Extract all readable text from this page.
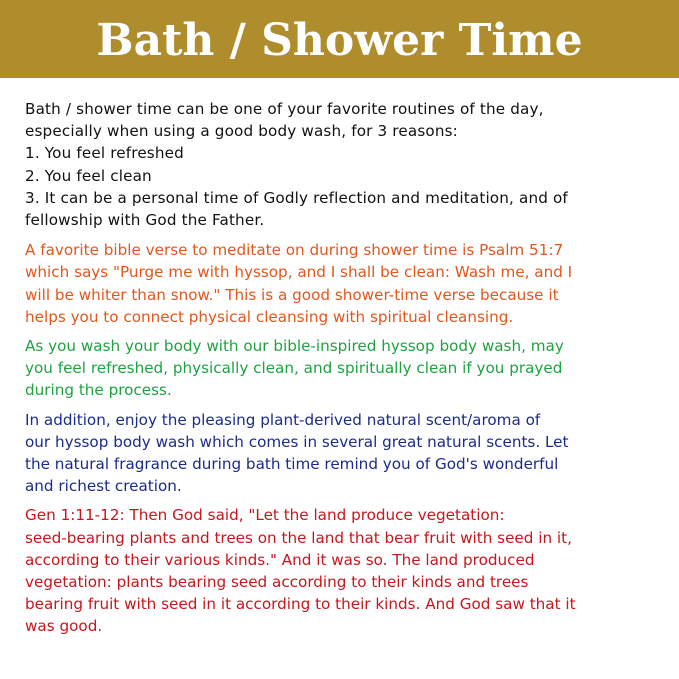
Bath / Shower Time

Bath / shower time can be one of your favorite routines of the day,
especially when using a good body wash, for 3 reasons:
1. You feel refreshed
2. You feel clean
3. It can be a personal time of Godly reflection and meditation, and of
fellowship with God the Father.

A favorite bible verse to meditate on during shower time is Psalm 51:7
which says "Purge me with hyssop, and I shall be clean: Wash me, and I
will be whiter than snow." This is a good shower-time verse because it
helps you to connect physical cleansing with spiritual cleansing.

As you wash your body with our bible-inspired hyssop body wash, may
you feel refreshed, physically clean, and spiritually clean if you prayed
during the process.

In addition, enjoy the pleasing plant-derived natural scent/aroma of
our hyssop body wash which comes in several great natural scents. Let
the natural fragrance during bath time remind you of God's wonderful
and richest creation.

Gen 1:11-12: Then God said, "Let the land produce vegetation:
seed-bearing plants and trees on the land that bear fruit with seed in it,
according to their various kinds." And it was so. The land produced
vegetation: plants bearing seed according to their kinds and trees
bearing fruit with seed in it according to their kinds. And God saw that it
was good.
